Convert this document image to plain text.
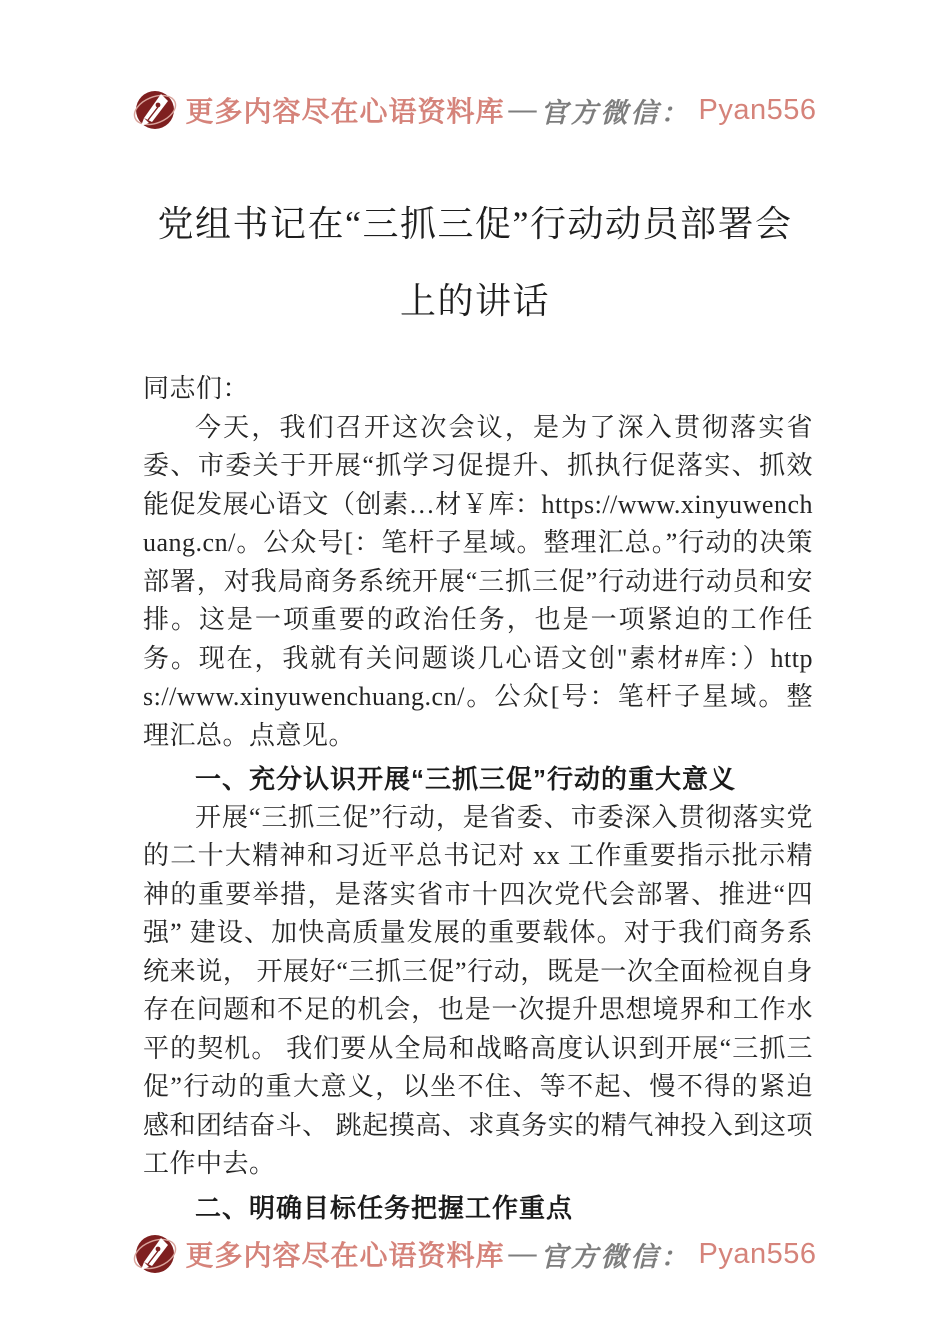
更多内容尽在心语资料库 — 官方微信： Pyan556
党组书记在“三抓三促”行动动员部署会
上的讲话

同志们：

今天，我们召开这次会议，是为了深入贯彻落实省委、市委关于开展“抓学习促提升、抓执行促落实、抓效能促发展心语文（创素…材￥库：https://www.xinyuwenchuang.cn/。公众号[：笔杆子星域。整理汇总。”行动的决策部署，对我局商务系统开展“三抓三促”行动进行动员和安排。这是一项重要的政治任务，也是一项紧迫的工作任务。现在，我就有关问题谈几心语文创"素材#库：）https://www.xinyuwenchuang.cn/。公众[号：笔杆子星域。整理汇总。点意见。

一、充分认识开展“三抓三促”行动的重大意义

开展“三抓三促”行动，是省委、市委深入贯彻落实党的二十大精神和习近平总书记对 xx 工作重要指示批示精神的重要举措，是落实省市十四次党代会部署、推进“四强” 建设、加快高质量发展的重要载体。对于我们商务系统来说， 开展好“三抓三促”行动，既是一次全面检视自身存在问题和不足的机会，也是一次提升思想境界和工作水平的契机。 我们要从全局和战略高度认识到开展“三抓三促”行动的重大意义，以坐不住、等不起、慢不得的紧迫感和团结奋斗、 跳起摸高、求真务实的精气神投入到这项工作中去。

二、明确目标任务把握工作重点

更多内容尽在心语资料库 — 官方微信： Pyan556
